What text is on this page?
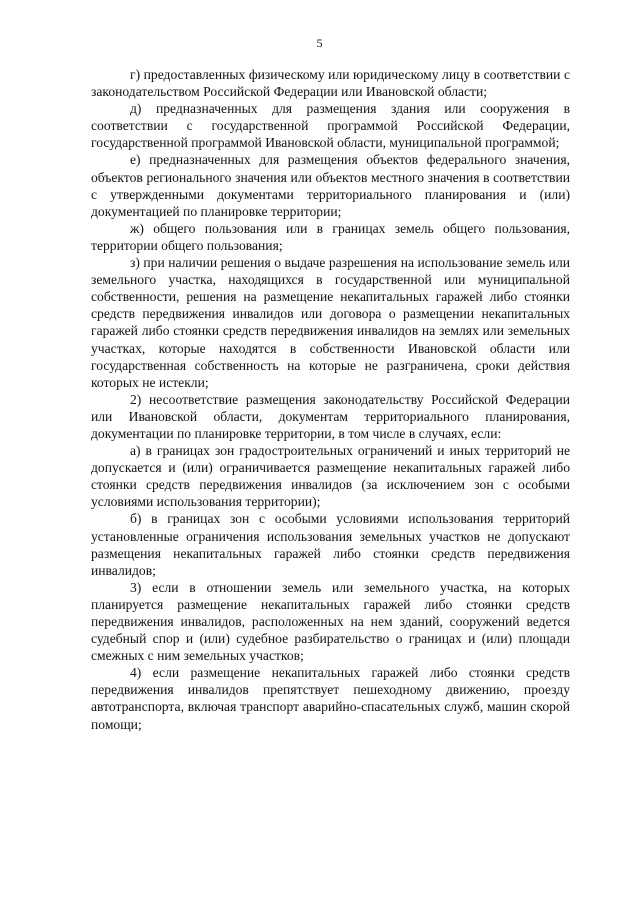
5

г) предоставленных физическому или юридическому лицу в соответствии с законодательством Российской Федерации или Ивановской области;

д) предназначенных для размещения здания или сооружения в соответствии с государственной программой Российской Федерации, государственной программой Ивановской области, муниципальной программой;

е) предназначенных для размещения объектов федерального значения, объектов регионального значения или объектов местного значения в соответствии с утвержденными документами территориального планирования и (или) документацией по планировке территории;

ж) общего пользования или в границах земель общего пользования, территории общего пользования;

з) при наличии решения о выдаче разрешения на использование земель или земельного участка, находящихся в государственной или муниципальной собственности, решения на размещение некапитальных гаражей либо стоянки средств передвижения инвалидов или договора о размещении некапитальных гаражей либо стоянки средств передвижения инвалидов на землях или земельных участках, которые находятся в собственности Ивановской области или государственная собственность на которые не разграничена, сроки действия которых не истекли;

2) несоответствие размещения законодательству Российской Федерации или Ивановской области, документам территориального планирования, документации по планировке территории, в том числе в случаях, если:

а) в границах зон градостроительных ограничений и иных территорий не допускается и (или) ограничивается размещение некапитальных гаражей либо стоянки средств передвижения инвалидов (за исключением зон с особыми условиями использования территории);

б) в границах зон с особыми условиями использования территорий установленные ограничения использования земельных участков не допускают размещения некапитальных гаражей либо стоянки средств передвижения инвалидов;

3) если в отношении земель или земельного участка, на которых планируется размещение некапитальных гаражей либо стоянки средств передвижения инвалидов, расположенных на нем зданий, сооружений ведется судебный спор и (или) судебное разбирательство о границах и (или) площади смежных с ним земельных участков;

4) если размещение некапитальных гаражей либо стоянки средств передвижения инвалидов препятствует пешеходному движению, проезду автотранспорта, включая транспорт аварийно-спасательных служб, машин скорой помощи;
